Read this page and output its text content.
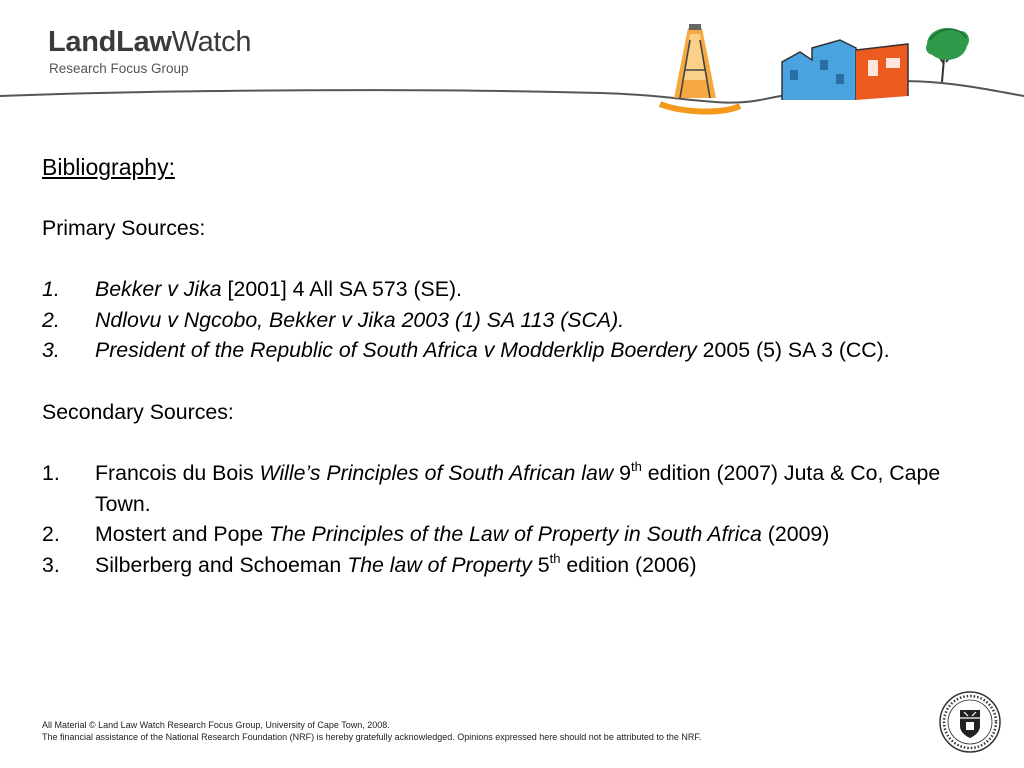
LandLawWatch
Research Focus Group
Bibliography:
Primary Sources:
1. Bekker v Jika [2001] 4 All SA 573 (SE).
2. Ndlovu v Ngcobo, Bekker v Jika 2003 (1) SA 113 (SCA).
3. President of the Republic of South Africa v Modderklip Boerdery 2005 (5) SA 3 (CC).
Secondary Sources:
1. Francois du Bois Wille’s Principles of South African law 9th edition (2007) Juta & Co, Cape Town.
2. Mostert and Pope The Principles of the Law of Property in South Africa (2009)
3. Silberberg and Schoeman The law of Property 5th edition (2006)
All Material © Land Law Watch Research Focus Group, University of Cape Town, 2008.
The financial assistance of the National Research Foundation (NRF) is hereby gratefully acknowledged. Opinions expressed here should not be attributed to the NRF.
